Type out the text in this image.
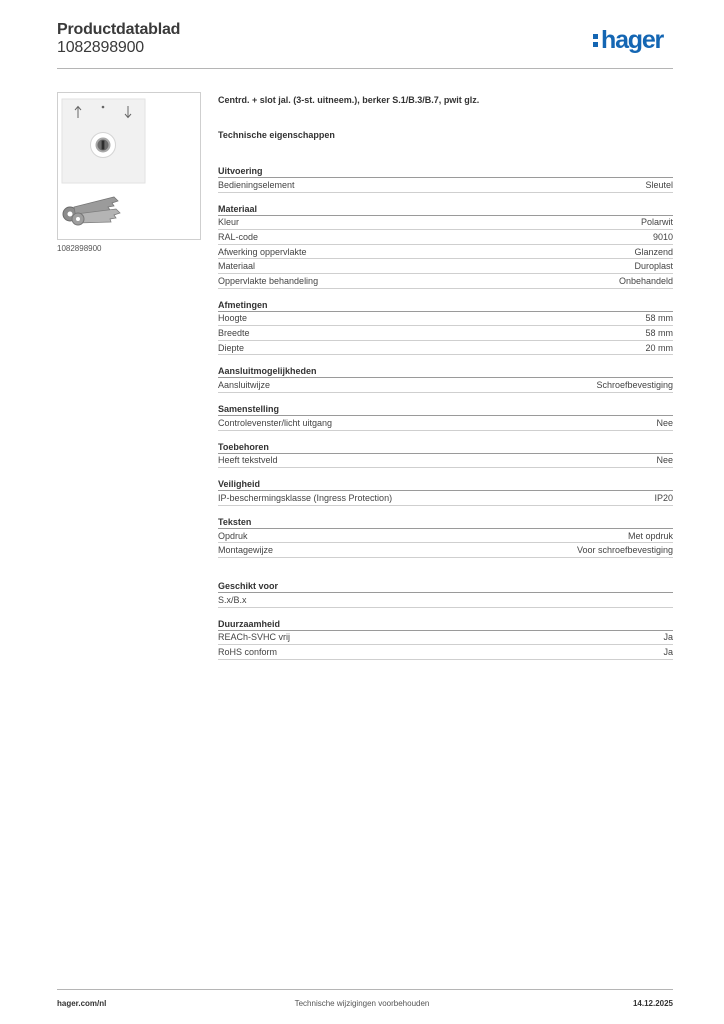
Productdatablad
1082898900	hager
1082898900
Centrd. + slot jal. (3-st. uitneem.), berker S.1/B.3/B.7, pwit glz.
Technische eigenschappen
Uitvoering
Bedieningselement	Sleutel
Materiaal
Kleur	Polarwit
RAL-code	9010
Afwerking oppervlakte	Glanzend
Materiaal	Duroplast
Oppervlakte behandeling	Onbehandeld
Afmetingen
Hoogte	58 mm
Breedte	58 mm
Diepte	20 mm
Aansluitmogelijkheden
Aansluitwijze	Schroefbevestiging
Samenstelling
Controlevenster/licht uitgang	Nee
Toebehoren
Heeft tekstveld	Nee
Veiligheid
IP-beschermingsklasse (Ingress Protection)	IP20
Teksten
Opdruk	Met opdruk
Montagewijze	Voor schroefbevestiging
Geschikt voor
S.x/B.x
Duurzaamheid
REACh-SVHC vrij	Ja
RoHS conform	Ja
hager.com/nl	Technische wijzigingen voorbehouden	14.12.2025
